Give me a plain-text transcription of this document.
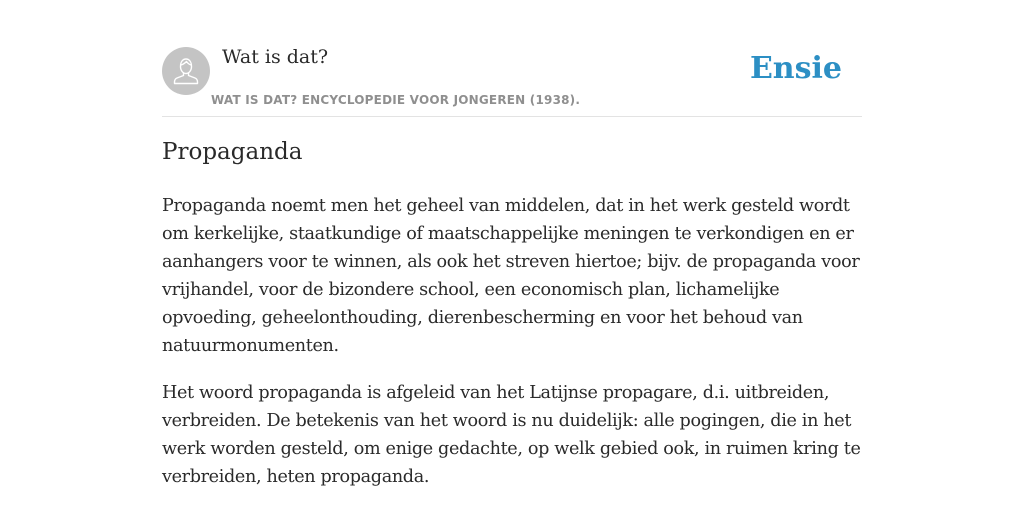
Wat is dat?
WAT IS DAT? ENCYCLOPEDIE VOOR JONGEREN (1938).
Ensie
Propaganda

Propaganda noemt men het geheel van middelen, dat in het werk gesteld wordt
om kerkelijke, staatkundige of maatschappelijke meningen te verkondigen en er
aanhangers voor te winnen, als ook het streven hiertoe; bijv. de propaganda voor
vrijhandel, voor de bizondere school, een economisch plan, lichamelijke
opvoeding, geheelonthouding, dierenbescherming en voor het behoud van
natuurmonumenten.

Het woord propaganda is afgeleid van het Latijnse propagare, d.i. uitbreiden,
verbreiden. De betekenis van het woord is nu duidelijk: alle pogingen, die in het
werk worden gesteld, om enige gedachte, op welk gebied ook, in ruimen kring te
verbreiden, heten propaganda.
